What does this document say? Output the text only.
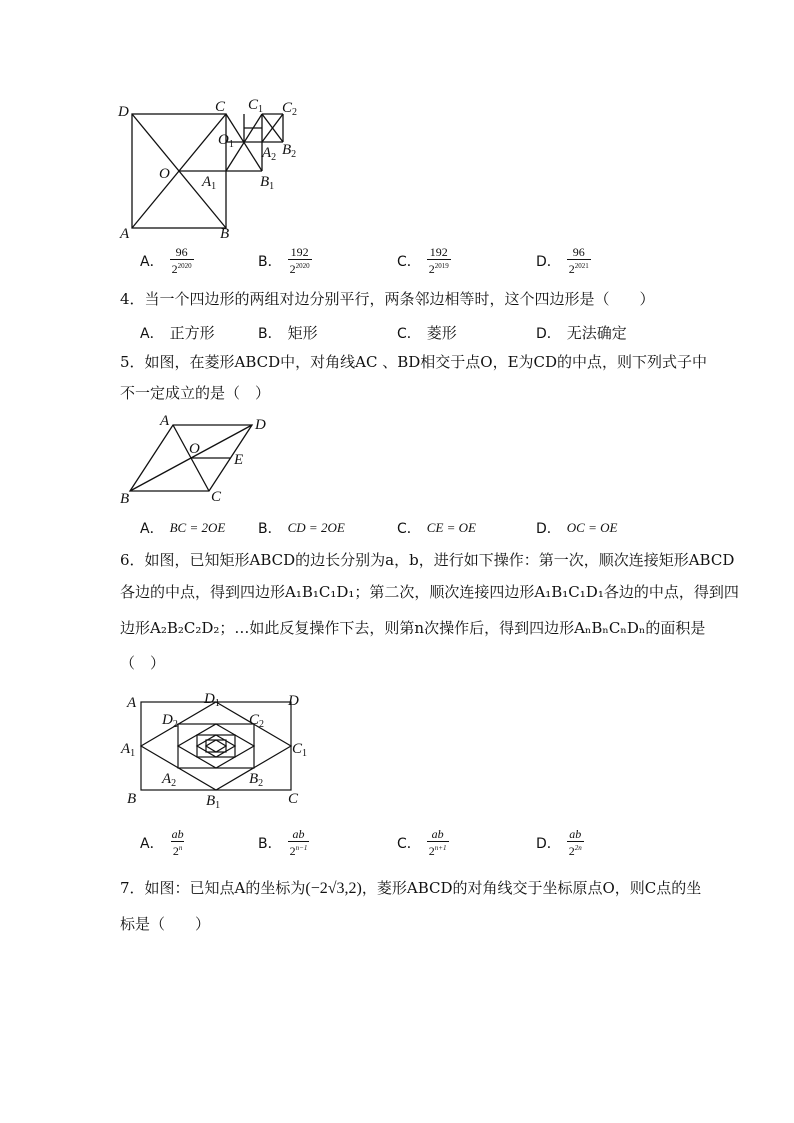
D	C $C_1$ $C_2$
$O_1$
$A_2$ $B_2$
O $A_1$	$B_1$
A	B
A． $\frac{96}{2^{2020}}$	B． $\frac{192}{2^{2020}}$	C． $\frac{192}{2^{2019}}$	D． $\frac{96}{2^{2021}}$
4．当一个四边形的两组对边分别平行，两条邻边相等时，这个四边形是（　　）
A． 正方形	B． 矩形	C． 菱形	D． 无法确定
5．如图，在菱形ABCD中，对角线AC 、BD相交于点O，E为CD的中点，则下列式子中
不一定成立的是（　）
A	D
O
E
B	C
A． BC = 2OE B． CD = 2OE	C． CE = OE	D． OC = OE
6．如图，已知矩形ABCD的边长分别为a，b，进行如下操作：第一次，顺次连接矩形ABCD
各边的中点，得到四边形A₁B₁C₁D₁；第二次，顺次连接四边形A₁B₁C₁D₁各边的中点，得到四
边形A₂B₂C₂D₂；…如此反复操作下去，则第n次操作后，得到四边形AₙBₙCₙDₙ的面积是
（　）
A	$D_1$	D
$D_2$	$C_2$
$A_1$	$C_1$
$A_2$	$B_2$
B	$B_1$	C
A． $\frac{ab}{2^n}$	B． $\frac{ab}{2^{n-1}}$	C． $\frac{ab}{2^{n+1}}$	D． $\frac{ab}{2^{2n}}$
7．如图：已知点A的坐标为(−2√3,2)，菱形ABCD的对角线交于坐标原点O，则C点的坐
标是（　　）
